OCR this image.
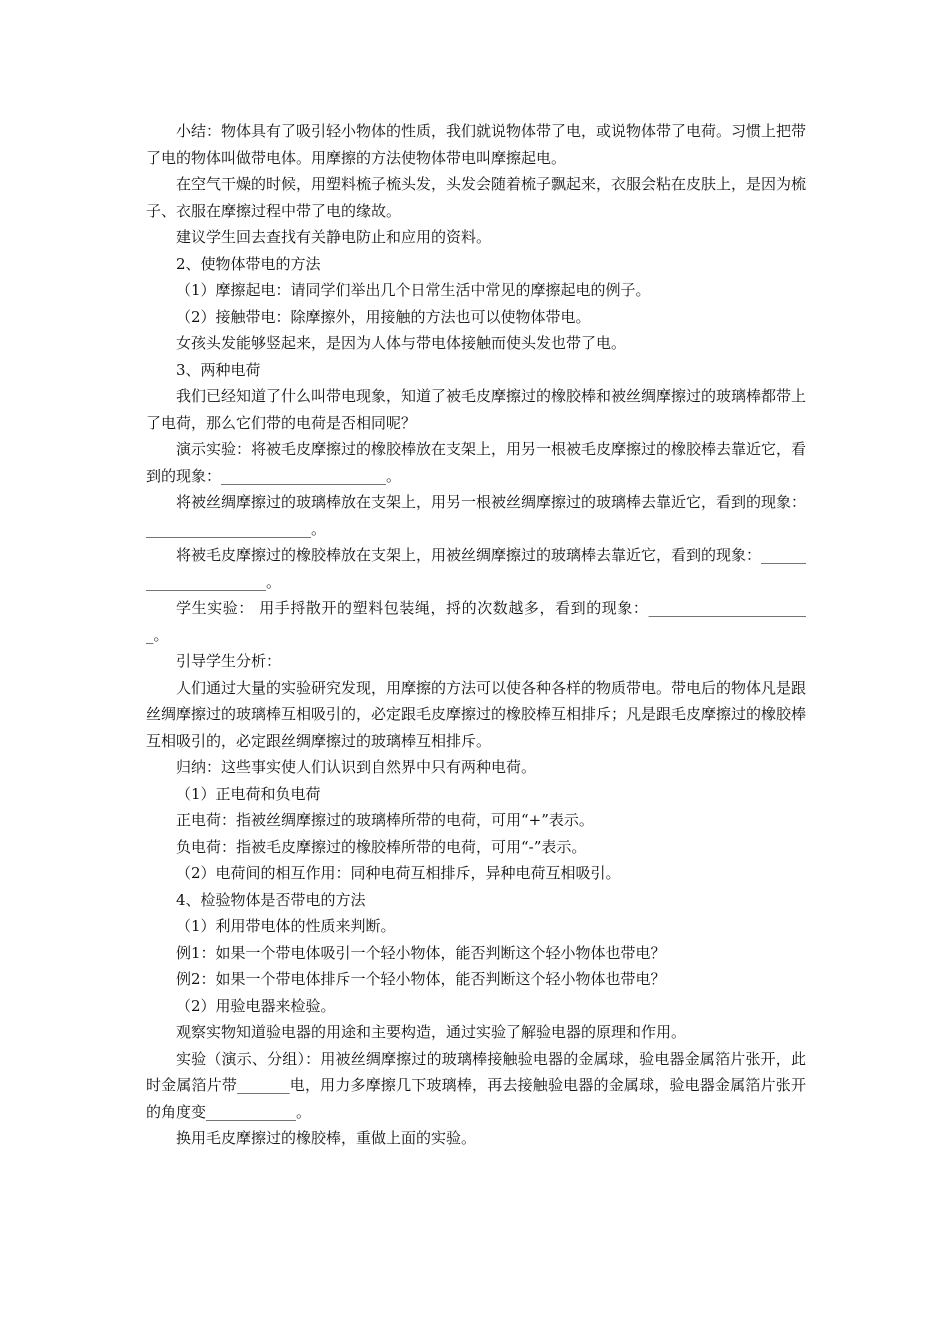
小结：物体具有了吸引轻小物体的性质，我们就说物体带了电，或说物体带了电荷。习惯上把带了电的物体叫做带电体。用摩擦的方法使物体带电叫摩擦起电。

在空气干燥的时候，用塑料梳子梳头发，头发会随着梳子飘起来，衣服会粘在皮肤上，是因为梳子、衣服在摩擦过程中带了电的缘故。

建议学生回去查找有关静电防止和应用的资料。

2、使物体带电的方法

（1）摩擦起电：请同学们举出几个日常生活中常见的摩擦起电的例子。

（2）接触带电：除摩擦外，用接触的方法也可以使物体带电。

女孩头发能够竖起来，是因为人体与带电体接触而使头发也带了电。

3、两种电荷

我们已经知道了什么叫带电现象，知道了被毛皮摩擦过的橡胶棒和被丝绸摩擦过的玻璃棒都带上了电荷，那么它们带的电荷是否相同呢？

演示实验：将被毛皮摩擦过的橡胶棒放在支架上，用另一根被毛皮摩擦过的橡胶棒去靠近它，看到的现象：______________________。

将被丝绸摩擦过的玻璃棒放在支架上，用另一根被丝绸摩擦过的玻璃棒去靠近它，看到的现象：______________________。

将被毛皮摩擦过的橡胶棒放在支架上，用被丝绸摩擦过的玻璃棒去靠近它，看到的现象：______________________。

学生实验： 用手捋散开的塑料包装绳，捋的次数越多，看到的现象：______________________。

引导学生分析：

人们通过大量的实验研究发现，用摩擦的方法可以使各种各样的物质带电。带电后的物体凡是跟丝绸摩擦过的玻璃棒互相吸引的，必定跟毛皮摩擦过的橡胶棒互相排斥；凡是跟毛皮摩擦过的橡胶棒互相吸引的，必定跟丝绸摩擦过的玻璃棒互相排斥。

归纳：这些事实使人们认识到自然界中只有两种电荷。

（1）正电荷和负电荷

正电荷：指被丝绸摩擦过的玻璃棒所带的电荷，可用“+”表示。

负电荷：指被毛皮摩擦过的橡胶棒所带的电荷，可用“-”表示。

（2）电荷间的相互作用：同种电荷互相排斥，异种电荷互相吸引。

4、检验物体是否带电的方法

（1）利用带电体的性质来判断。

例1：如果一个带电体吸引一个轻小物体，能否判断这个轻小物体也带电？

例2：如果一个带电体排斥一个轻小物体，能否判断这个轻小物体也带电？

（2）用验电器来检验。

观察实物知道验电器的用途和主要构造，通过实验了解验电器的原理和作用。

实验（演示、分组）：用被丝绸摩擦过的玻璃棒接触验电器的金属球，验电器金属箔片张开，此时金属箔片带_______电，用力多摩擦几下玻璃棒，再去接触验电器的金属球，验电器金属箔片张开的角度变____________。

换用毛皮摩擦过的橡胶棒，重做上面的实验。
